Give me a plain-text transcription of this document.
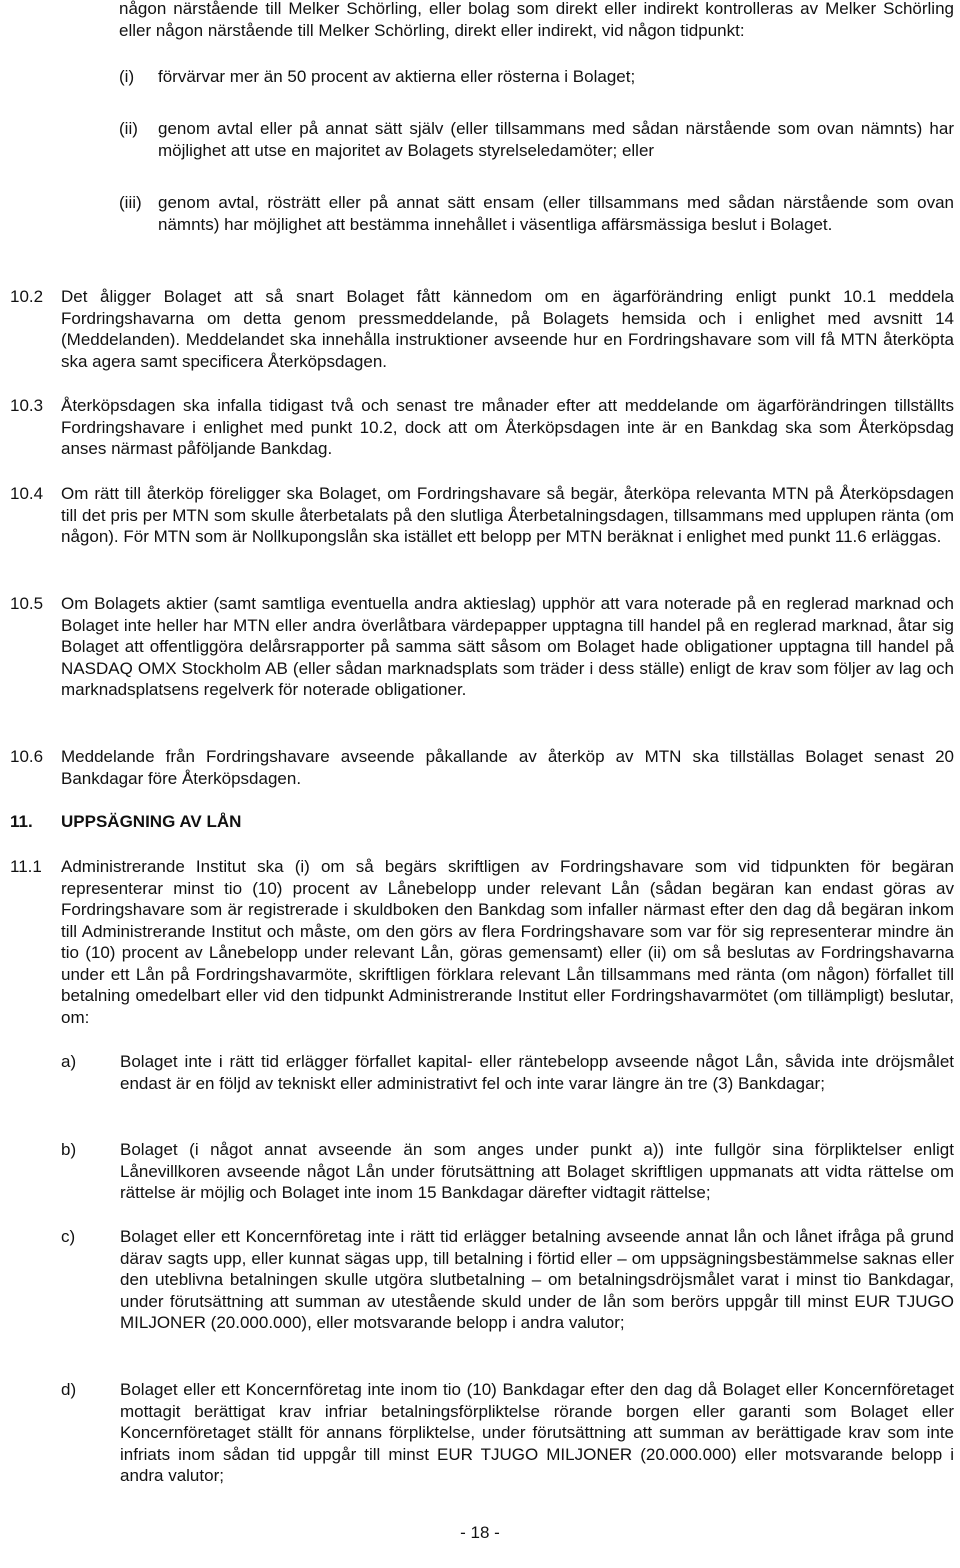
någon närstående till Melker Schörling, eller bolag som direkt eller indirekt kontrolleras av Melker Schörling eller någon närstående till Melker Schörling, direkt eller indirekt, vid någon tidpunkt:
(i) förvärvar mer än 50 procent av aktierna eller rösterna i Bolaget;
(ii) genom avtal eller på annat sätt själv (eller tillsammans med sådan närstående som ovan nämnts) har möjlighet att utse en majoritet av Bolagets styrelseledamöter; eller
(iii) genom avtal, rösträtt eller på annat sätt ensam (eller tillsammans med sådan närstående som ovan nämnts) har möjlighet att bestämma innehållet i väsentliga affärsmässiga beslut i Bolaget.
10.2 Det åligger Bolaget att så snart Bolaget fått kännedom om en ägarförändring enligt punkt 10.1 meddela Fordringshavarna om detta genom pressmeddelande, på Bolagets hemsida och i enlighet med avsnitt 14 (Meddelanden). Meddelandet ska innehålla instruktioner avseende hur en Fordringshavare som vill få MTN återköpta ska agera samt specificera Återköpsdagen.
10.3 Återköpsdagen ska infalla tidigast två och senast tre månader efter att meddelande om ägarförändringen tillställts Fordringshavare i enlighet med punkt 10.2, dock att om Återköpsdagen inte är en Bankdag ska som Återköpsdag anses närmast påföljande Bankdag.
10.4 Om rätt till återköp föreligger ska Bolaget, om Fordringshavare så begär, återköpa relevanta MTN på Återköpsdagen till det pris per MTN som skulle återbetalats på den slutliga Återbetalningsdagen, tillsammans med upplupen ränta (om någon). För MTN som är Nollkupongslån ska istället ett belopp per MTN beräknat i enlighet med punkt 11.6 erläggas.
10.5 Om Bolagets aktier (samt samtliga eventuella andra aktieslag) upphör att vara noterade på en reglerad marknad och Bolaget inte heller har MTN eller andra överlåtbara värdepapper upptagna till handel på en reglerad marknad, åtar sig Bolaget att offentliggöra delårsrapporter på samma sätt såsom om Bolaget hade obligationer upptagna till handel på NASDAQ OMX Stockholm AB (eller sådan marknadsplats som träder i dess ställe) enligt de krav som följer av lag och marknadsplatsens regelverk för noterade obligationer.
10.6 Meddelande från Fordringshavare avseende påkallande av återköp av MTN ska tillställas Bolaget senast 20 Bankdagar före Återköpsdagen.
11. UPPSÄGNING AV LÅN
11.1 Administrerande Institut ska (i) om så begärs skriftligen av Fordringshavare som vid tidpunkten för begäran representerar minst tio (10) procent av Lånebelopp under relevant Lån (sådan begäran kan endast göras av Fordringshavare som är registrerade i skuldboken den Bankdag som infaller närmast efter den dag då begäran inkom till Administrerande Institut och måste, om den görs av flera Fordringshavare som var för sig representerar mindre än tio (10) procent av Lånebelopp under relevant Lån, göras gemensamt) eller (ii) om så beslutas av Fordringshavarna under ett Lån på Fordringshavarmöte, skriftligen förklara relevant Lån tillsammans med ränta (om någon) förfallet till betalning omedelbart eller vid den tidpunkt Administrerande Institut eller Fordringshavarmötet (om tillämpligt) beslutar, om:
a)	Bolaget inte i rätt tid erlägger förfallet kapital- eller räntebelopp avseende något Lån, såvida inte dröjsmålet endast är en följd av tekniskt eller administrativt fel och inte varar längre än tre (3) Bankdagar;
b)	Bolaget (i något annat avseende än som anges under punkt a)) inte fullgör sina förpliktelser enligt Lånevillkoren avseende något Lån under förutsättning att Bolaget skriftligen uppmanats att vidta rättelse om rättelse är möjlig och Bolaget inte inom 15 Bankdagar därefter vidtagit rättelse;
c)	Bolaget eller ett Koncernföretag inte i rätt tid erlägger betalning avseende annat lån och lånet ifråga på grund därav sagts upp, eller kunnat sägas upp, till betalning i förtid eller – om uppsägningsbestämmelse saknas eller den uteblivna betalningen skulle utgöra slutbetalning – om betalningsdröjsmålet varat i minst tio Bankdagar, under förutsättning att summan av utestående skuld under de lån som berörs uppgår till minst EUR TJUGO MILJONER (20.000.000), eller motsvarande belopp i andra valutor;
d)	Bolaget eller ett Koncernföretag inte inom tio (10) Bankdagar efter den dag då Bolaget eller Koncernföretaget mottagit berättigat krav infriar betalningsförpliktelse rörande borgen eller garanti som Bolaget eller Koncernföretaget ställt för annans förpliktelse, under förutsättning att summan av berättigade krav som inte infriats inom sådan tid uppgår till minst EUR TJUGO MILJONER (20.000.000) eller motsvarande belopp i andra valutor;
- 18 -
